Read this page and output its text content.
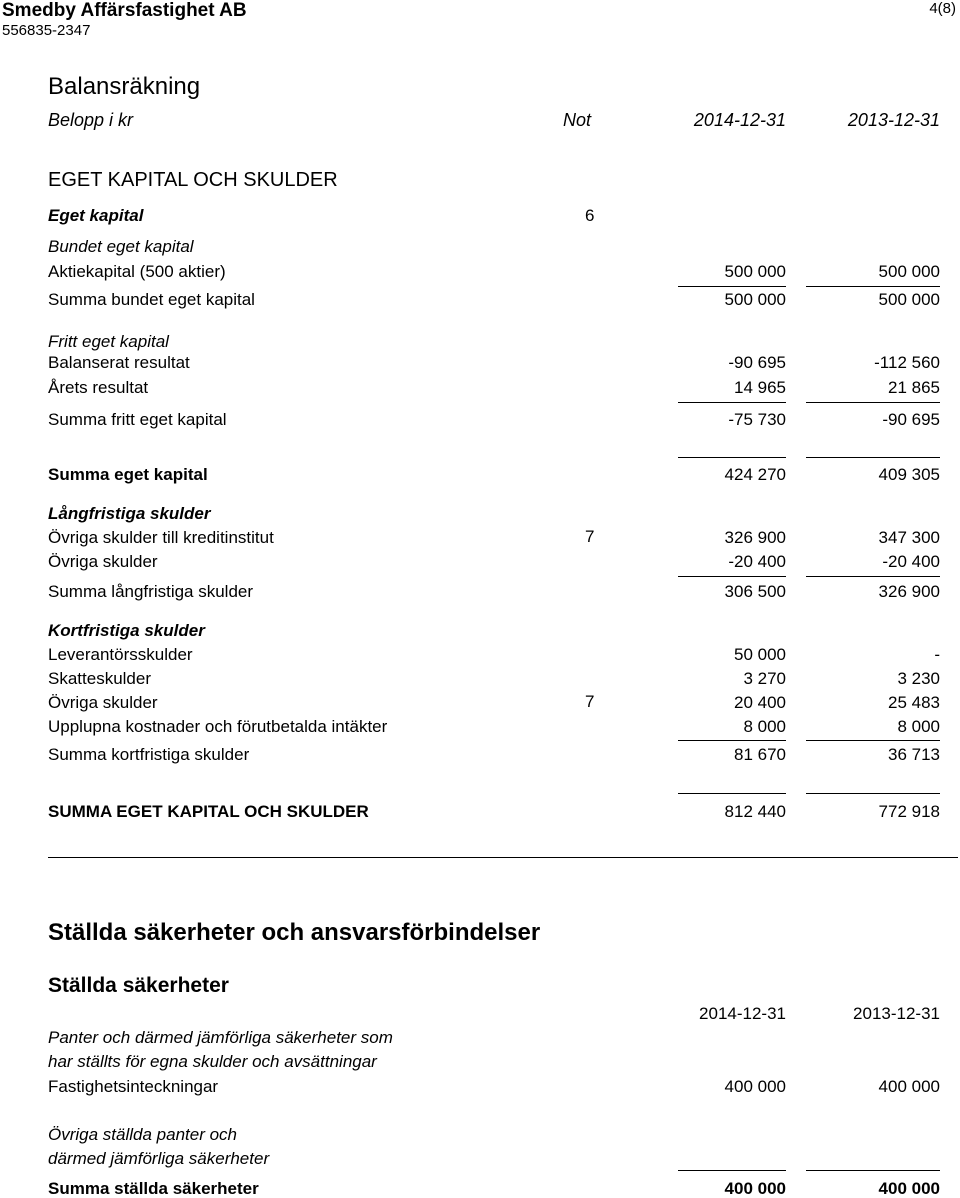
Smedby Affärsfastighet AB
556835-2347
4(8)
Balansräkning
Belopp i kr	Not	2014-12-31	2013-12-31
EGET KAPITAL OCH SKULDER
Eget kapital	6
Bundet eget kapital
Aktiekapital (500 aktier)	500 000	500 000
Summa bundet eget kapital	500 000	500 000
Fritt eget kapital
Balanserat resultat	-90 695	-112 560
Årets resultat	14 965	21 865
Summa fritt eget kapital	-75 730	-90 695
Summa eget kapital	424 270	409 305
Långfristiga skulder
Övriga skulder till kreditinstitut	7	326 900	347 300
Övriga skulder	-20 400	-20 400
Summa långfristiga skulder	306 500	326 900
Kortfristiga skulder
Leverantörsskulder	50 000	-
Skatteskulder	3 270	3 230
Övriga skulder	7	20 400	25 483
Upplupna kostnader och förutbetalda intäkter	8 000	8 000
Summa kortfristiga skulder	81 670	36 713
SUMMA EGET KAPITAL OCH SKULDER	812 440	772 918
Ställda säkerheter och ansvarsförbindelser
Ställda säkerheter
2014-12-31	2013-12-31
Panter och därmed jämförliga säkerheter som
har ställts för egna skulder och avsättningar
Fastighetsinteckningar	400 000	400 000
Övriga ställda panter och
därmed jämförliga säkerheter
Summa ställda säkerheter	400 000	400 000
